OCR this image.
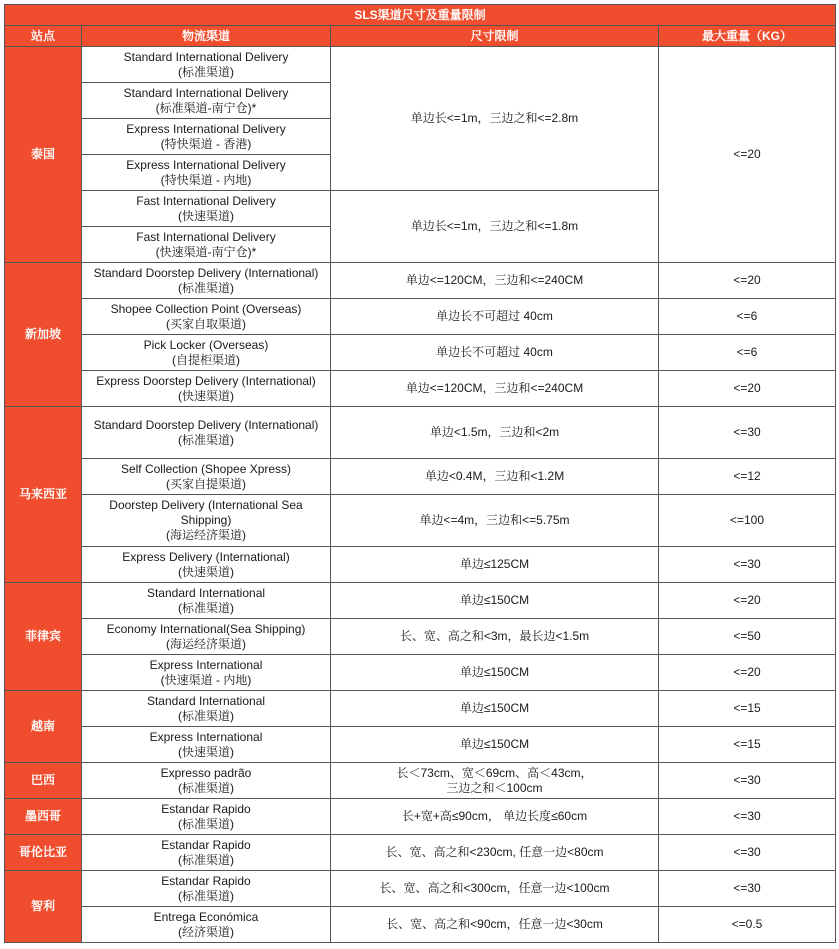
SLS渠道尺寸及重量限制			
站点	物流渠道	尺寸限制	最大重量（KG）
泰国	Standard International Delivery
(标准渠道)	单边长<=1m，三边之和<=2.8m	<=20

	Standard International Delivery
(标准渠道-南宁仓)*		

	Express International Delivery
(特快渠道 - 香港)		

	Express International Delivery
(特快渠道 - 内地)		

	Fast International Delivery
(快速渠道)	单边长<=1m，三边之和<=1.8m	

	Fast International Delivery
(快速渠道-南宁仓)*		

新加坡	Standard Doorstep Delivery (International)
(标准渠道)	单边<=120CM，三边和<=240CM	<=20

	Shopee Collection Point (Overseas)
(买家自取渠道)	单边长不可超过 40cm	<=6

	Pick Locker (Overseas)
(自提柜渠道)	单边长不可超过 40cm	<=6

	Express Doorstep Delivery (International)
(快速渠道)	单边<=120CM，三边和<=240CM	<=20
马来西亚	Standard Doorstep Delivery (International)
(标准渠道)	单边<1.5m，三边和<2m	<=30

	Self Collection (Shopee Xpress)
(买家自提渠道)	单边<0.4M，三边和<1.2M	<=12

	Doorstep Delivery (International Sea Shipping)
(海运经济渠道)	单边<=4m，三边和<=5.75m	<=100

	Express Delivery (International)
(快速渠道)	单边≤125CM	<=30
菲律宾	Standard International
(标准渠道)	单边≤150CM	<=20

	Economy International(Sea Shipping)
(海运经济渠道)	长、宽、高之和<3m，最长边<1.5m	<=50

	Express International
(快速渠道 - 内地)	单边≤150CM	<=20
越南	Standard International
(标准渠道)	单边≤150CM	<=15

	Express International
(快速渠道)	单边≤150CM	<=15
巴西	Expresso padrão
(标准渠道)	长＜73cm、宽＜69cm、高＜43cm，
三边之和＜100cm	<=30
墨西哥	Estandar Rapido
(标准渠道)	长+宽+高≤90cm， 单边长度≤60cm	<=30
哥伦比亚	Estandar Rapido
(标准渠道)	长、宽、高之和<230cm, 任意一边<80cm	<=30
智利	Estandar Rapido
(标准渠道)	长、宽、高之和<300cm，任意一边<100cm	<=30

	Entrega Económica
(经济渠道)	长、宽、高之和<90cm，任意一边<30cm	<=0.5
